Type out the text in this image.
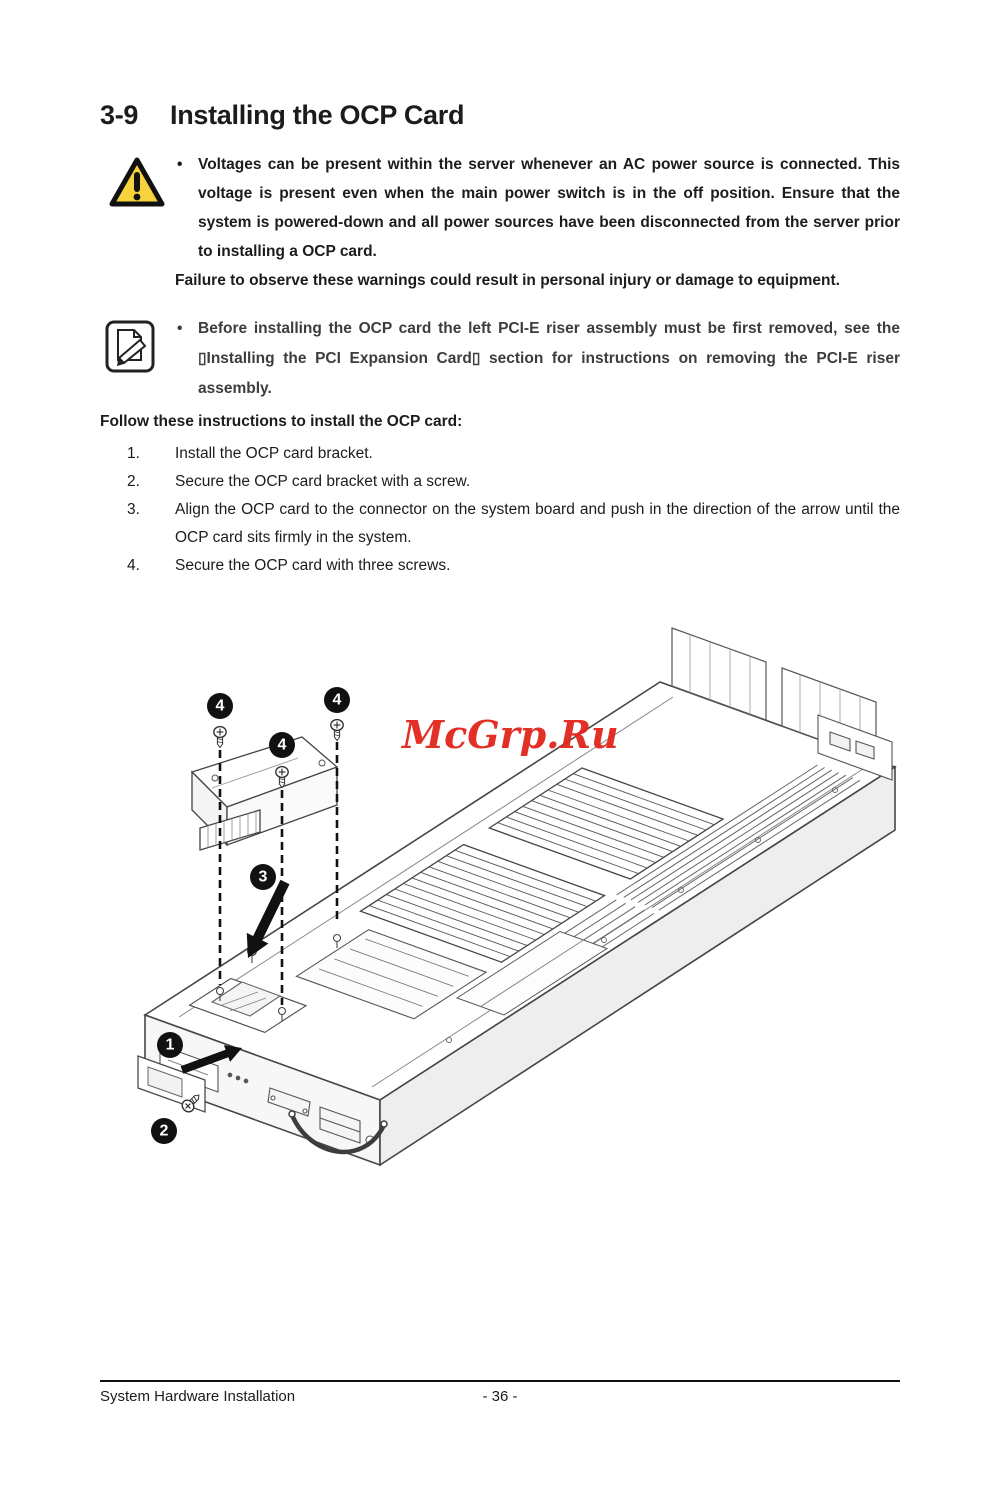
3-9	Installing the OCP Card
• Voltages can be present within the server whenever an AC power source is connected. This voltage is present even when the main power switch is in the off position. Ensure that the system is powered-down and all power sources have been disconnected from the server prior to installing a OCP card.
Failure to observe these warnings could result in personal injury or damage to equipment.
• Before installing the OCP card the left PCI-E riser assembly must be first removed, see the ▯Installing the PCI Expansion Card▯ section for instructions on removing the PCI-E riser assembly.
Follow these instructions to install the OCP card:
1.	Install the OCP card bracket.
2.	Secure the OCP card bracket with a screw.
3.	Align the OCP card to the connector on the system board and push in the direction of the arrow until the OCP card sits firmly in the system.
4.	Secure the OCP card with three screws.
4	4
4
3
1
2
McGrp.Ru
System Hardware Installation	- 36 -
